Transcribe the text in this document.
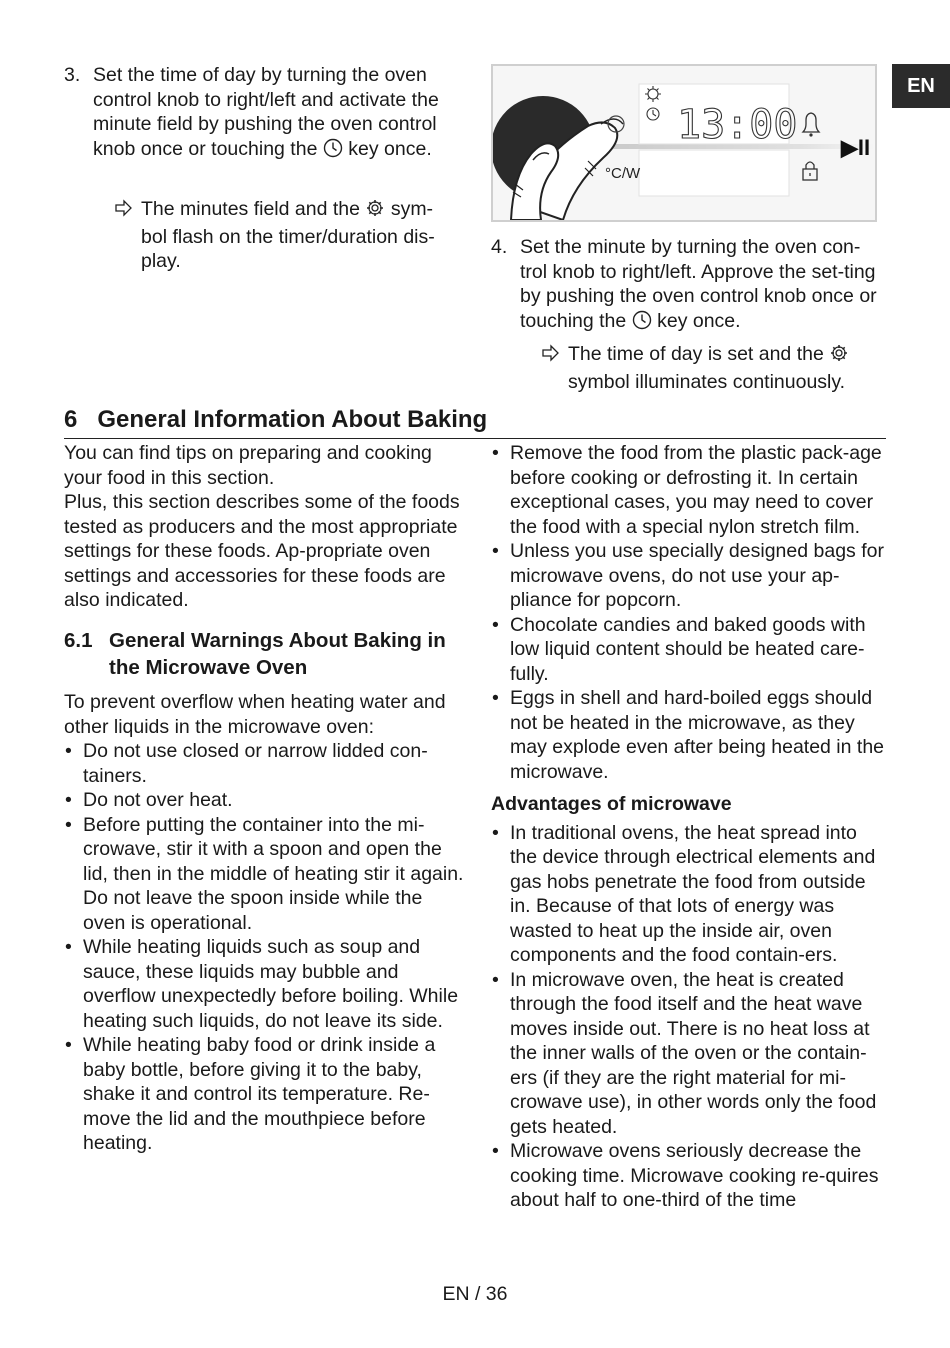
EN
3. Set the time of day by turning the oven control knob to right/left and activate the minute field by pushing the oven control knob once or touching the key once.
The minutes field and the sym-bol flash on the timer/duration dis-play.
13:00
°C/W
▶II
4. Set the minute by turning the oven con-trol knob to right/left. Approve the set-ting by pushing the oven control knob once or touching the key once.
The time of day is set and the  symbol illuminates continuously.
6 General Information About Baking
You can find tips on preparing and cooking your food in this section.
Plus, this section describes some of the foods tested as producers and the most appropriate settings for these foods. Ap-propriate oven settings and accessories for these foods are also indicated.
6.1 General Warnings About Baking in the Microwave Oven
To prevent overflow when heating water and other liquids in the microwave oven:
• Do not use closed or narrow lidded con-tainers.
• Do not over heat.
• Before putting the container into the mi-crowave, stir it with a spoon and open the lid, then in the middle of heating stir it again. Do not leave the spoon inside while the oven is operational.
• While heating liquids such as soup and sauce, these liquids may bubble and overflow unexpectedly before boiling. While heating such liquids, do not leave its side.
• While heating baby food or drink inside a baby bottle, before giving it to the baby, shake it and control its temperature. Re-move the lid and the mouthpiece before heating.
• Remove the food from the plastic pack-age before cooking or defrosting it. In certain exceptional cases, you may need to cover the food with a special nylon stretch film.
• Unless you use specially designed bags for microwave ovens, do not use your ap-pliance for popcorn.
• Chocolate candies and baked goods with low liquid content should be heated care-fully.
• Eggs in shell and hard-boiled eggs should not be heated in the microwave, as they may explode even after being heated in the microwave.
Advantages of microwave
• In traditional ovens, the heat spread into the device through electrical elements and gas hobs penetrate the food from outside in. Because of that lots of energy was wasted to heat up the inside air, oven components and the food contain-ers.
• In microwave oven, the heat is created through the food itself and the heat wave moves inside out. There is no heat loss at the inner walls of the oven or the contain-ers (if they are the right material for mi-crowave use), in other words only the food gets heated.
• Microwave ovens seriously decrease the cooking time. Microwave cooking re-quires about half to one-third of the time
EN / 36
